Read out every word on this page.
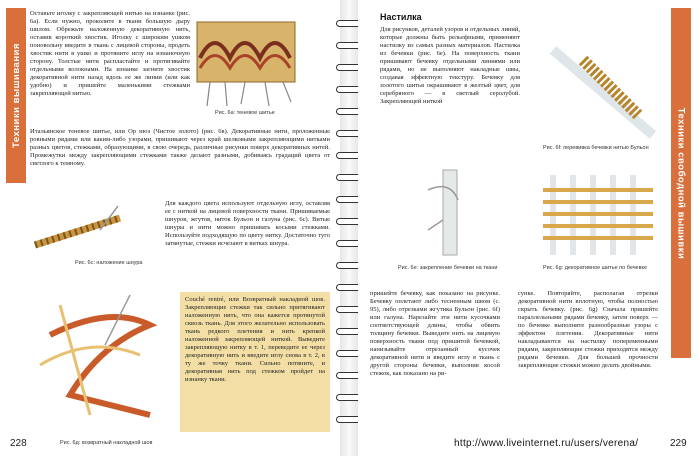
Техники вышивания

Оставьте иголку с закрепляющей нитью на изнанке (рис. 6а). Если нужно, проколите в ткани большую дыру шилом. Обрежьте наложенную декоративную нить, оставив короткий хвостик. Иголку с широким ушком поновольну введите в ткань с лицевой стороны, продеть хвостик нити в ушко и протяните иглу на изнаночную сторону. Толстые нити распластайте и протягивайте отдельными волокнами. На изнанке загните хвостик декоративной нити назад вдоль ее же линии (или как удобно) и пришейте маленькими стежками закрепляющей нитью.

Рис. 6а: теневое шитье

Итальянское теневое шитье, или Ор нюэ (Чистое золото) (рис. 6в). Декоративные нити, проложенные ровными рядами или каким-либо узорами, пришивают через край шелковыми закрепляющими нитками разных цветов, стежками, образующими, в свою очередь, различные рисунки поверх декоративных нитей. Промежутки между закрепляющими стежками также делают разными, добиваясь градаций цвета от светлого к темному.

Рис. 6с: наложение шнура

Для каждого цвета используют отдельную иглу, оставляя ее с ниткой на лицевой поверхности ткани. Пришиваемые шнуров, жгутов, ниток Бульон и галуна (рис. 6с). Витые шнуры и нити можно пришивать косыми стежками. Используйте подходящую по цвету нитку. Достаточно туго затянутые, стежки исчезают в витках шнура.

Рис. 6д: возвратный накладной шов

Couché rentré, или Возвратный накладной шов. Закрепляющие стежки так сильно притягивают наложенную нить, что она кажется протянутой сквозь ткань. Для этого желательно использовать ткань редкого плетения и нить крепкой наложенной закрепляющей ниткой. Выведите закрепляющую нитку в т. 1, переведите ее через декоративную нить и введите иглу снова в т. 2, в ту же точку ткани. Сильно потяните, и декоративная нить под стежком пройдет на изнанку ткани.

228
Настилка

Для рисунков, деталей узоров и отдельных линий, которые должны быть рельефными, применяют настилку из самых разных материалов. Настилка из бечевки (рис. 6е). На поверхность ткани пришивают бечевку отдельными линиями или рядами, но не выполняют накладные швы, создавая эффектную текстуру. Бечевку для золотого шитья окрашивают в желтый цвет, для серебряного — в светлый серолубой. Закрепляющей ниткой

Рис. 6f: перевивка бечевки нитью Бульон
Рис. 6е: закрепление бечевки на ткани	Рис. 6g: декоративное шитье по бечевке

пришейте бечевку, как показано на рисунке. Бечевку оплетают либо тесненным швом (с. 95), либо отрезками жгутика Бульон (рис. 6f) или галуна. Нарезайте эти нити кусочками соответствующей длины, чтобы обвить толщину бечевки. Выведите нить на лицевую поверхность ткани под пришитой бечевкой, нанизывайте отрезанный кусочек декоративной нити и введите иглу в ткань с другой стороны бечевки, выполнив косой стежок, как показано на ри-

сунке. Повторяйте, располагая отрезки декоративной нити вплотную, чтобы полностью скрыть бечевку. (рис. 6g) Сначала пришейте параллельными рядами бечевку, затем поверх — по бечевке выполните разнообразные узоры с эффектом плетения. Декоративные нити накладываются на настилку попеременными рядами, закрепляющие стежки приходятся между рядами бечевки. Для большей прочности закрепляющие стежки можно делать двойными.

Техники свободной вышивки
229
http://www.liveinternet.ru/users/verena/
